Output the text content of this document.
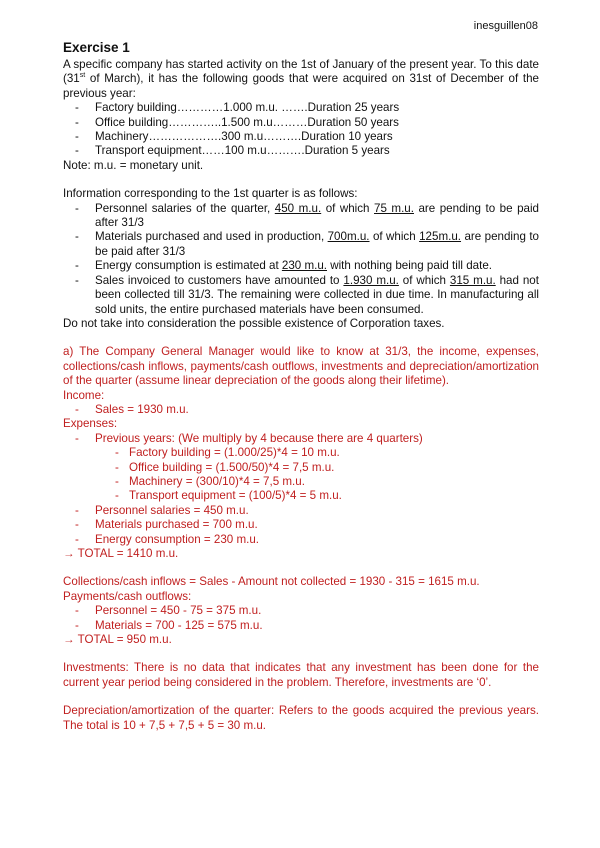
inesguillen08
Exercise 1

A specific company has started activity on the 1st of January of the present year. To this date (31st of March), it has the following goods that were acquired on 31st of December of the previous year:

- Factory building…………1.000 m.u. …….Duration 25 years
- Office building…………..1.500 m.u………Duration 50 years
- Machinery……………….300 m.u……….Duration 10 years
- Transport equipment……100 m.u……….Duration 5 years

Note: m.u. = monetary unit.

Information corresponding to the 1st quarter is as follows:

- Personnel salaries of the quarter, 450 m.u. of which 75 m.u. are pending to be paid after 31/3
- Materials purchased and used in production, 700m.u. of which 125m.u. are pending to be paid after 31/3
- Energy consumption is estimated at 230 m.u. with nothing being paid till date.
- Sales invoiced to customers have amounted to 1.930 m.u. of which 315 m.u. had not been collected till 31/3. The remaining were collected in due time. In manufacturing all sold units, the entire purchased materials have been consumed.

Do not take into consideration the possible existence of Corporation taxes.

a) The Company General Manager would like to know at 31/3, the income, expenses, collections/cash inflows, payments/cash outflows, investments and depreciation/amortization of the quarter (assume linear depreciation of the goods along their lifetime).

Income:

- Sales = 1930 m.u.

Expenses:

- Previous years: (We multiply by 4 because there are 4 quarters)
- Factory building = (1.000/25)*4 = 10 m.u.
- Office building = (1.500/50)*4 = 7,5 m.u.
- Machinery = (300/10)*4 = 7,5 m.u.
- Transport equipment = (100/5)*4 = 5 m.u.
- Personnel salaries = 450 m.u.
- Materials purchased = 700 m.u.
- Energy consumption = 230 m.u.

→ TOTAL = 1410 m.u.

Collections/cash inflows = Sales - Amount not collected = 1930 - 315 = 1615 m.u.

Payments/cash outflows:

- Personnel = 450 - 75 = 375 m.u.
- Materials = 700 - 125 = 575 m.u.

→ TOTAL = 950 m.u.

Investments: There is no data that indicates that any investment has been done for the current year period being considered in the problem. Therefore, investments are ‘0’.

Depreciation/amortization of the quarter: Refers to the goods acquired the previous years. The total is 10 + 7,5 + 7,5 + 5 = 30 m.u.
